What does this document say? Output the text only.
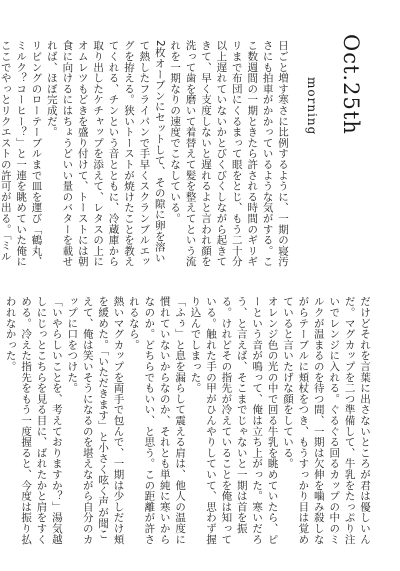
Oct.25th
morning

日ごと増す寒さに比例するように、一期の寝汚さにも拍車がかかっているような気がする。ここ数週間の一期ときたら許される時間のギリギリまで布団にくるまって眼をとじ、もう二十分以上遅れていないかとびくびくしながら起きてきて、早く支度しないと遅れるよと言われ顔を洗って歯を磨いて着替えて髪を整えてという流れを一期なりの速度でこなしている。

2枚オーブンにセットして、その隙に卵を溶いて熱したフライパンで手早くスクランブルエッグを拵える。狭いトーストが焼けたことを教えてくれる、チンという音とともに、冷蔵庫から取り出したケチャップを添えて、レタスの上にオムレツもどきを盛り付けて、トーストには朝食に向けるにはちょうどいい量のバターを載せれば、ほぼ完成だ。

リビングのローテーブルまで皿を運び「鶴丸、ミルク？コーヒー？」と一連を眺めていた俺にここでやっとリクエストの許可が出る。「ミル

だけどそれを言葉に出さないところが君は優しいんだ。マグカップを二つ準備して、牛乳をたっぷり注いでレンジに入れる。ぐるぐる回るカップの中のミルクが温まるのを待つ間、一期は欠伸を噛み殺しながらテーブルに頬杖をつき、もうすっかり目は覚めていると言いたげな顔をしている。

オレンジ色の光の中で回る牛乳を眺めていたら、ピーという音が鳴って、俺は立ち上がった。寒いだろう、と言えば、そこまでじゃないと一期は首を振る。けれどその指先が冷えていることを俺は知っている。触れた手の甲がひんやりしていて、思わず握り込んでしまった。

「ふぅ」と息を漏らして震える肩は、他人の温度に慣れていないからなのか、それとも単純に寒いからなのか。どちらでもいい、と思う。この距離が許されるなら。

熱いマグカップを両手で包んで、一期は少しだけ頬を緩めた。「いただきます」と小さく呟く声が聞こえて、俺は笑いそうになるのを堪えながら自分のカップに口をつけた。

「いやらしいことを、考えておりますか？」湯気越しにじっとこちらを見る目に、ばれたかと肩をすくめる。冷えた指先をもう一度握ると、今度は振り払われなかった。
